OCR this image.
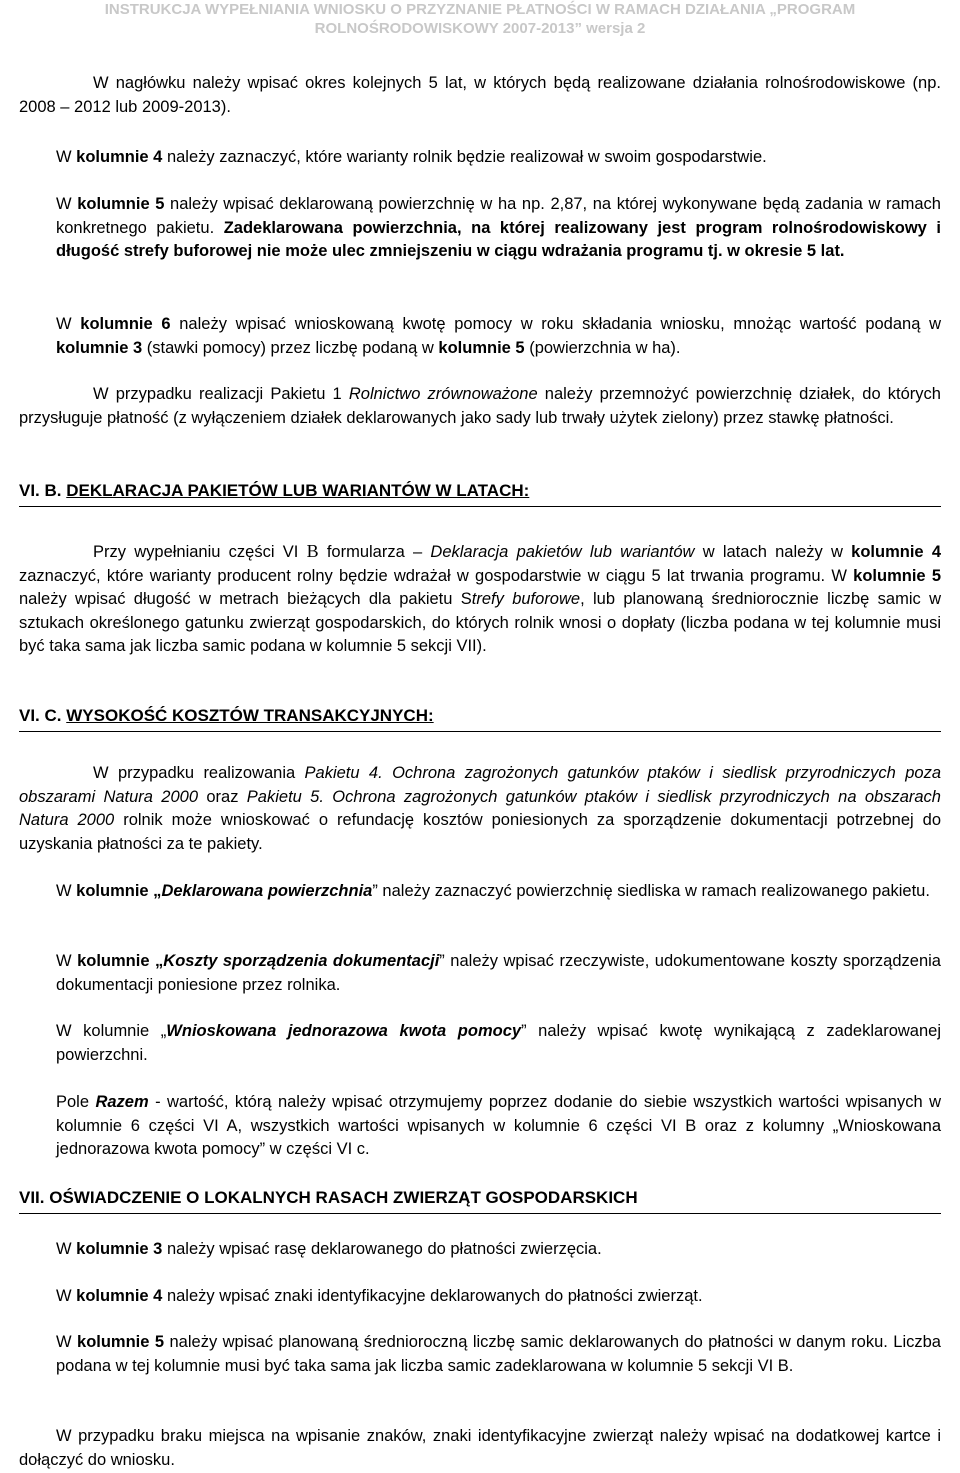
INSTRUKCJA WYPEŁNIANIA WNIOSKU O PRZYZNANIE PŁATNOŚCI W RAMACH DZIAŁANIA „PROGRAM
ROLNOŚRODOWISKOWY 2007-2013” wersja 2

W nagłówku należy wpisać okres kolejnych 5 lat, w których będą realizowane działania rolnośrodowiskowe (np. 2008 – 2012 lub 2009-2013).

W kolumnie 4 należy zaznaczyć, które warianty rolnik będzie realizował w swoim gospodarstwie.

W kolumnie 5 należy wpisać deklarowaną powierzchnię w ha np. 2,87, na której wykonywane będą zadania w ramach konkretnego pakietu. Zadeklarowana powierzchnia, na której realizowany jest program rolnośrodowiskowy i długość strefy buforowej nie może ulec zmniejszeniu w ciągu wdrażania programu tj. w okresie 5 lat.

W kolumnie 6 należy wpisać wnioskowaną kwotę pomocy w roku składania wniosku, mnożąc wartość podaną w kolumnie 3 (stawki pomocy) przez liczbę podaną w kolumnie 5 (powierzchnia w ha).

W przypadku realizacji Pakietu 1 Rolnictwo zrównoważone należy przemnożyć powierzchnię działek, do których przysługuje płatność (z wyłączeniem działek deklarowanych jako sady lub trwały użytek zielony) przez stawkę płatności.

VI. B. DEKLARACJA PAKIETÓW LUB WARIANTÓW W LATACH:

Przy wypełnianiu części VI B formularza – Deklaracja pakietów lub wariantów w latach należy w kolumnie 4 zaznaczyć, które warianty producent rolny będzie wdrażał w gospodarstwie w ciągu 5 lat trwania programu. W kolumnie 5 należy wpisać długość w metrach bieżących dla pakietu Strefy buforowe, lub planowaną średniorocznie liczbę samic w sztukach określonego gatunku zwierząt gospodarskich, do których rolnik wnosi o dopłaty (liczba podana w tej kolumnie musi być taka sama jak liczba samic podana w kolumnie 5 sekcji VII).

VI. C. WYSOKOŚĆ KOSZTÓW TRANSAKCYJNYCH:

W przypadku realizowania Pakietu 4. Ochrona zagrożonych gatunków ptaków i siedlisk przyrodniczych poza obszarami Natura 2000 oraz Pakietu 5. Ochrona zagrożonych gatunków ptaków i siedlisk przyrodniczych na obszarach Natura 2000 rolnik może wnioskować o refundację kosztów poniesionych za sporządzenie dokumentacji potrzebnej do uzyskania płatności za te pakiety.

W kolumnie „Deklarowana powierzchnia” należy zaznaczyć powierzchnię siedliska w ramach realizowanego pakietu.

W kolumnie „Koszty sporządzenia dokumentacji” należy wpisać rzeczywiste, udokumentowane koszty sporządzenia dokumentacji poniesione przez rolnika.

W kolumnie „Wnioskowana jednorazowa kwota pomocy” należy wpisać kwotę wynikającą z zadeklarowanej powierzchni.

Pole Razem - wartość, którą należy wpisać otrzymujemy poprzez dodanie do siebie wszystkich wartości wpisanych w kolumnie 6 części VI A, wszystkich wartości wpisanych w kolumnie 6 części VI B oraz z kolumny „Wnioskowana jednorazowa kwota pomocy” w części VI c.

VII. OŚWIADCZENIE O LOKALNYCH RASACH ZWIERZĄT GOSPODARSKICH

W kolumnie 3 należy wpisać rasę deklarowanego do płatności zwierzęcia.

W kolumnie 4 należy wpisać znaki identyfikacyjne deklarowanych do płatności zwierząt.

W kolumnie 5 należy wpisać planowaną średnioroczną liczbę samic deklarowanych do płatności w danym roku. Liczba podana w tej kolumnie musi być taka sama jak liczba samic zadeklarowana w kolumnie 5 sekcji VI B.

W przypadku braku miejsca na wpisanie znaków, znaki identyfikacyjne zwierząt należy wpisać na dodatkowej kartce i dołączyć do wniosku.
